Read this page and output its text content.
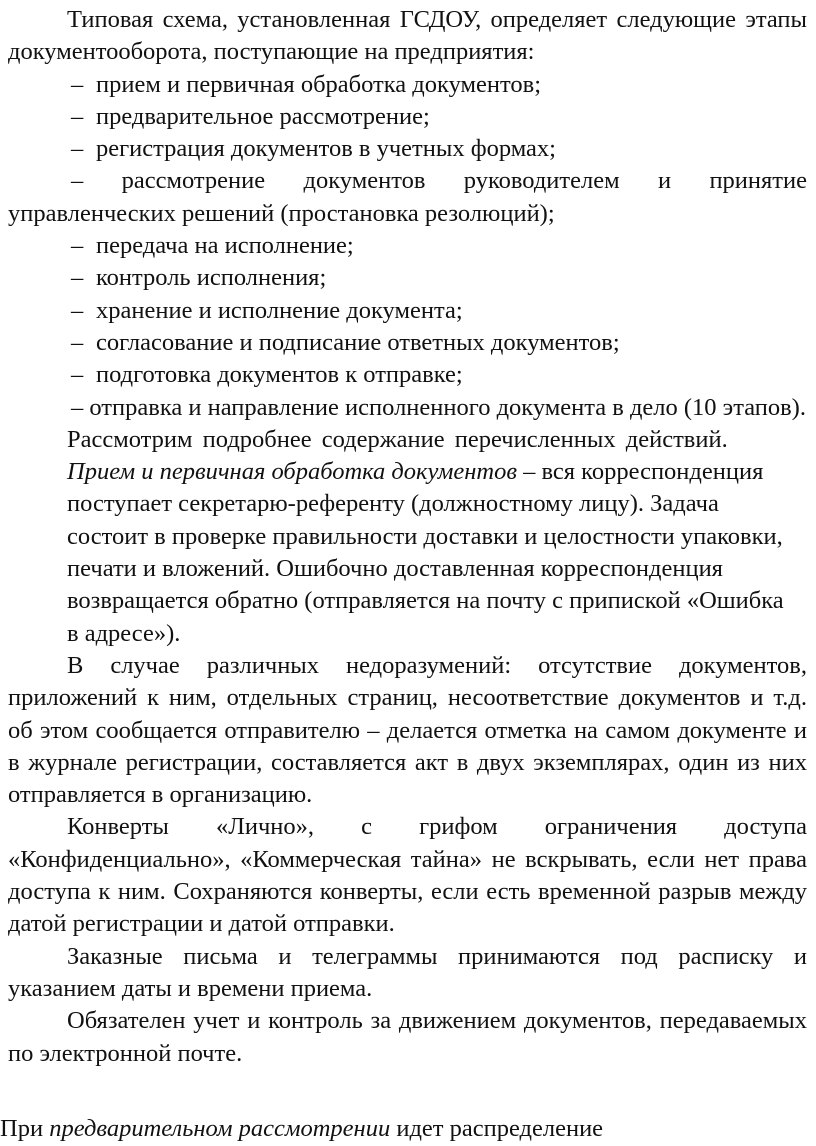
Типовая схема, установленная ГСДОУ, определяет следующие этапы документооборота, поступающие на предприятия:

– прием и первичная обработка документов;

– предварительное рассмотрение;

– регистрация документов в учетных формах;

– рассмотрение документов руководителем и принятие управленческих решений (простановка резолюций);

– передача на исполнение;

– контроль исполнения;

– хранение и исполнение документа;

– согласование и подписание ответных документов;

– подготовка документов к отправке;

– отправка и направление исполненного документа в дело (10 этапов).

Рассмотрим подробнее содержание перечисленных действий.

Прием и первичная обработка документов – вся корреспонденция поступает секретарю-референту (должностному лицу). Задача состоит в проверке правильности доставки и целостности упаковки, печати и вложений. Ошибочно доставленная корреспонденция возвращается обратно (отправляется на почту с припиской «Ошибка в адресе»).

В случае различных недоразумений: отсутствие документов, приложений к ним, отдельных страниц, несоответствие документов и т.д. об этом сообщается отправителю – делается отметка на самом документе и в журнале регистрации, составляется акт в двух экземплярах, один из них отправляется в организацию.

Конверты «Лично», с грифом ограничения доступа «Конфиденциально», «Коммерческая тайна» не вскрывать, если нет права доступа к ним. Сохраняются конверты, если есть временной разрыв между датой регистрации и датой отправки.

Заказные письма и телеграммы принимаются под расписку и указанием даты и времени приема.

Обязателен учет и контроль за движением документов, передаваемых по электронной почте.

При предварительном рассмотрении идет распределение
